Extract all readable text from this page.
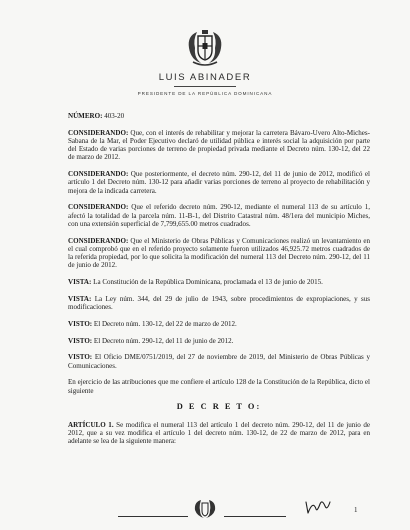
LUIS ABINADER
PRESIDENTE DE LA REPÚBLICA DOMINICANA

NÚMERO: 403-20

CONSIDERANDO: Que, con el interés de rehabilitar y mejorar la carretera Bávaro-Uvero Alto-Miches-Sabana de la Mar, el Poder Ejecutivo declaró de utilidad pública e interés social la adquisición por parte del Estado de varias porciones de terreno de propiedad privada mediante el Decreto núm. 130-12, del 22 de marzo de 2012.

CONSIDERANDO: Que posteriormente, el decreto núm. 290-12, del 11 de junio de 2012, modificó el artículo 1 del Decreto núm. 130-12 para añadir varias porciones de terreno al proyecto de rehabilitación y mejora de la indicada carretera.

CONSIDERANDO: Que el referido decreto núm. 290-12, mediante el numeral 113 de su artículo 1, afectó la totalidad de la parcela núm. 11-B-1, del Distrito Catastral núm. 48/1era del municipio Miches, con una extensión superficial de 7,799,655.00 metros cuadrados.

CONSIDERANDO: Que el Ministerio de Obras Públicas y Comunicaciones realizó un levantamiento en el cual comprobó que en el referido proyecto solamente fueron utilizados 46,925.72 metros cuadrados de la referida propiedad, por lo que solicita la modificación del numeral 113 del Decreto núm. 290-12, del 11 de junio de 2012.

VISTA: La Constitución de la República Dominicana, proclamada el 13 de junio de 2015.

VISTA: La Ley núm. 344, del 29 de julio de 1943, sobre procedimientos de expropiaciones, y sus modificaciones.

VISTO: El Decreto núm. 130-12, del 22 de marzo de 2012.

VISTO: El Decreto núm. 290-12, del 11 de junio de 2012.

VISTO: El Oficio DME/0751/2019, del 27 de noviembre de 2019, del Ministerio de Obras Públicas y Comunicaciones.

En ejercicio de las atribuciones que me confiere el artículo 128 de la Constitución de la República, dicto el siguiente

D E C R E T O:

ARTÍCULO 1. Se modifica el numeral 113 del artículo 1 del decreto núm. 290-12, del 11 de junio de 2012, que a su vez modifica el artículo 1 del decreto núm. 130-12, de 22 de marzo de 2012, para en adelante se lea de la siguiente manera:

1
